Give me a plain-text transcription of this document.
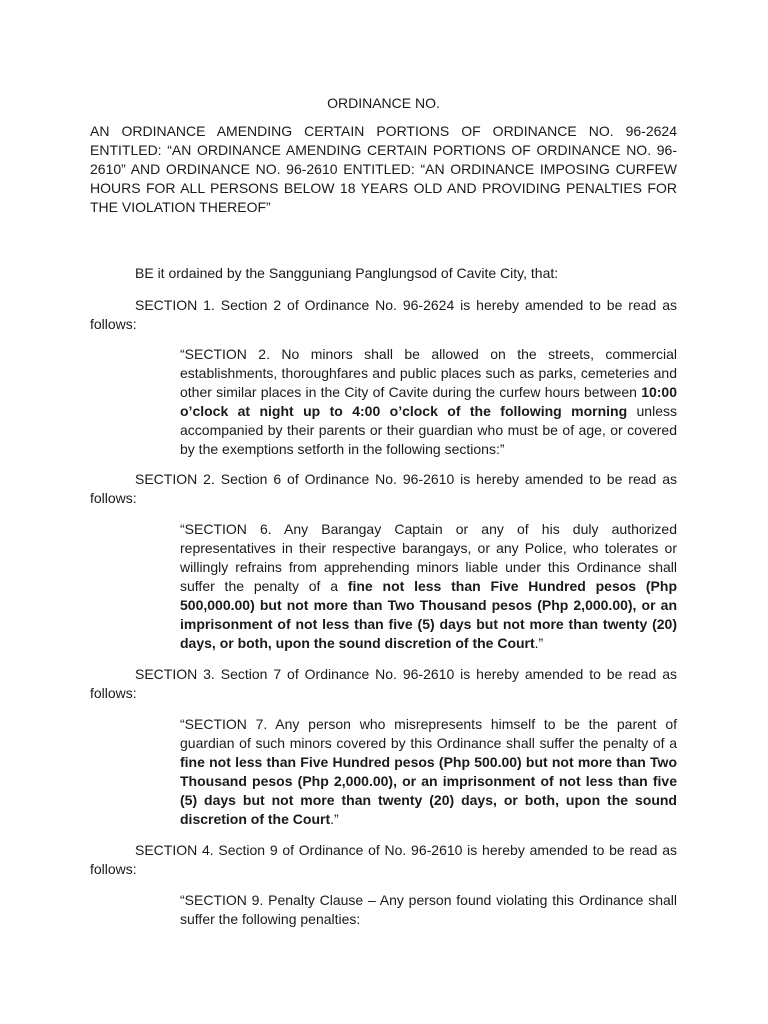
ORDINANCE NO.
AN ORDINANCE AMENDING CERTAIN PORTIONS OF ORDINANCE NO. 96-2624 ENTITLED: “AN ORDINANCE AMENDING CERTAIN PORTIONS OF ORDINANCE NO. 96-2610” AND ORDINANCE NO. 96-2610 ENTITLED: “AN ORDINANCE IMPOSING CURFEW HOURS FOR ALL PERSONS BELOW 18 YEARS OLD AND PROVIDING PENALTIES FOR THE VIOLATION THEREOF”
BE it ordained by the Sangguniang Panglungsod of Cavite City, that:
SECTION 1. Section 2 of Ordinance No. 96-2624 is hereby amended to be read as follows:
“SECTION 2. No minors shall be allowed on the streets, commercial establishments, thoroughfares and public places such as parks, cemeteries and other similar places in the City of Cavite during the curfew hours between 10:00 o’clock at night up to 4:00 o’clock of the following morning unless accompanied by their parents or their guardian who must be of age, or covered by the exemptions setforth in the following sections:”
SECTION 2. Section 6 of Ordinance No. 96-2610 is hereby amended to be read as follows:
“SECTION 6. Any Barangay Captain or any of his duly authorized representatives in their respective barangays, or any Police, who tolerates or willingly refrains from apprehending minors liable under this Ordinance shall suffer the penalty of a fine not less than Five Hundred pesos (Php 500,000.00) but not more than Two Thousand pesos (Php 2,000.00), or an imprisonment of not less than five (5) days but not more than twenty (20) days, or both, upon the sound discretion of the Court.”
SECTION 3. Section 7 of Ordinance No. 96-2610 is hereby amended to be read as follows:
“SECTION 7. Any person who misrepresents himself to be the parent of guardian of such minors covered by this Ordinance shall suffer the penalty of a fine not less than Five Hundred pesos (Php 500.00) but not more than Two Thousand pesos (Php 2,000.00), or an imprisonment of not less than five (5) days but not more than twenty (20) days, or both, upon the sound discretion of the Court.”
SECTION 4. Section 9 of Ordinance of No. 96-2610 is hereby amended to be read as follows:
“SECTION 9. Penalty Clause – Any person found violating this Ordinance shall suffer the following penalties:
